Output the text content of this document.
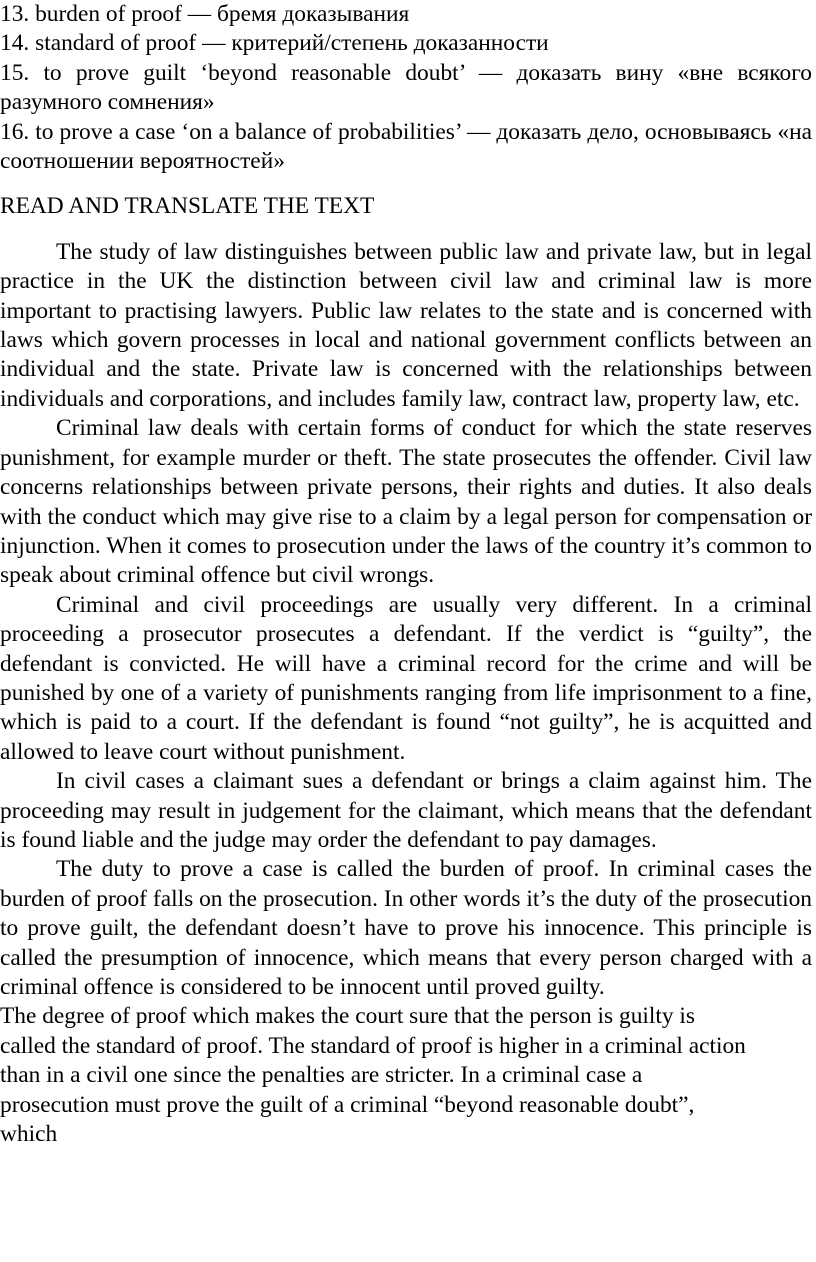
13. burden of proof — бремя доказывания

14. standard of proof — критерий/степень доказанности

15. to prove guilt ‘beyond reasonable doubt’ — доказать вину «вне всякого разумного сомнения»

16. to prove a case ‘on a balance of probabilities’ — доказать дело, основываясь «на соотношении вероятностей»

READ AND TRANSLATE THE TEXT

The study of law distinguishes between public law and private law, but in legal practice in the UK the distinction between civil law and criminal law is more important to practising lawyers. Public law relates to the state and is concerned with laws which govern processes in local and national government conflicts between an individual and the state. Private law is concerned with the relationships between individuals and corporations, and includes family law, contract law, property law, etc.

Criminal law deals with certain forms of conduct for which the state reserves punishment, for example murder or theft. The state prosecutes the offender. Civil law concerns relationships between private persons, their rights and duties. It also deals with the conduct which may give rise to a claim by a legal person for compensation or injunction. When it comes to prosecution under the laws of the country it’s common to speak about criminal offence but civil wrongs.

Criminal and civil proceedings are usually very different. In a criminal proceeding a prosecutor prosecutes a defendant. If the verdict is “guilty”, the defendant is convicted. He will have a criminal record for the crime and will be punished by one of a variety of punishments ranging from life imprisonment to a fine, which is paid to a court. If the defendant is found “not guilty”, he is acquitted and allowed to leave court without punishment.

In civil cases a claimant sues a defendant or brings a claim against him. The proceeding may result in judgement for the claimant, which means that the defendant is found liable and the judge may order the defendant to pay damages.

The duty to prove a case is called the burden of proof. In criminal cases the burden of proof falls on the prosecution. In other words it’s the duty of the prosecution to prove guilt, the defendant doesn’t have to prove his innocence. This principle is called the presumption of innocence, which means that every person charged with a criminal offence is considered to be innocent until proved guilty.

The degree of proof which makes the court sure that the person is guilty is
called the standard of proof. The standard of proof is higher in a criminal action
than in a civil one since the penalties are stricter. In a criminal case a
prosecution must prove the guilt of a criminal “beyond reasonable doubt”,
which
